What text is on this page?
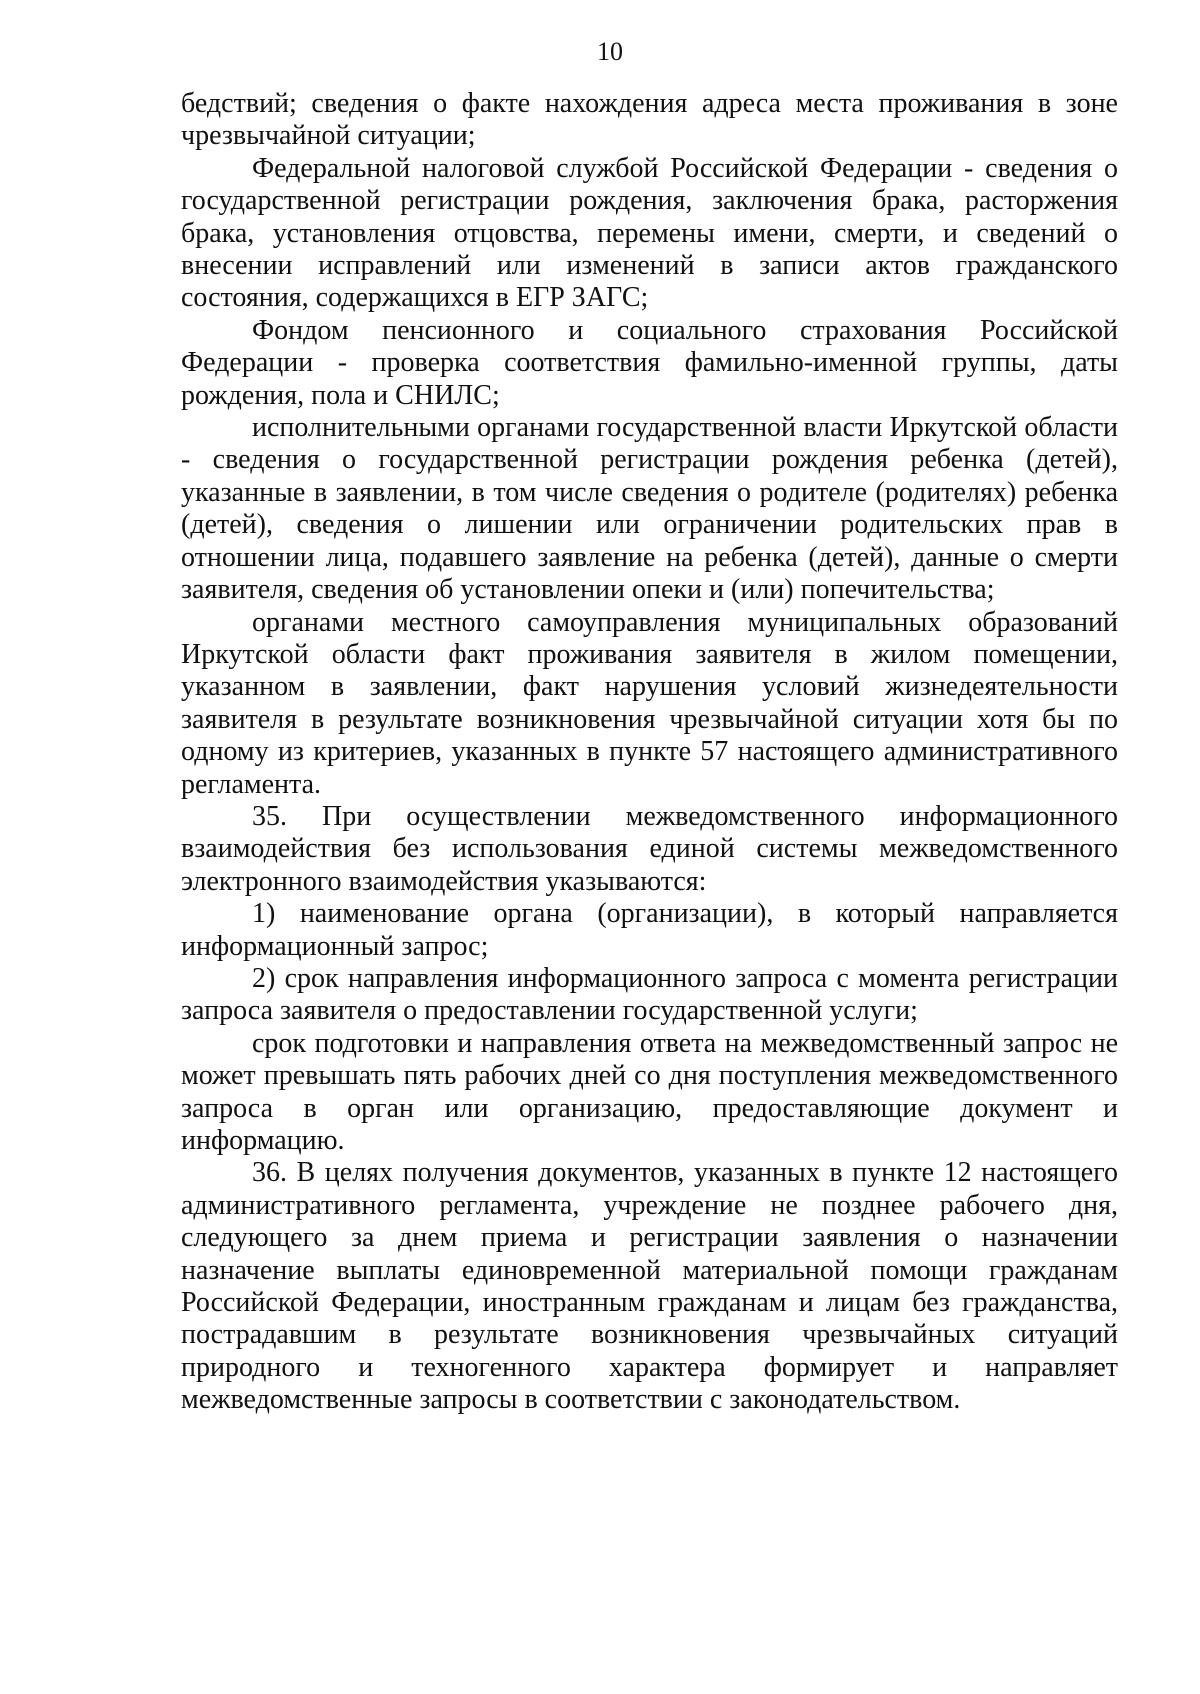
10

бедствий; сведения о факте нахождения адреса места проживания в зоне чрезвычайной ситуации;

Федеральной налоговой службой Российской Федерации - сведения о государственной регистрации рождения, заключения брака, расторжения брака, установления отцовства, перемены имени, смерти, и сведений о внесении исправлений или изменений в записи актов гражданского состояния, содержащихся в ЕГР ЗАГС;

Фондом пенсионного и социального страхования Российской Федерации - проверка соответствия фамильно-именной группы, даты рождения, пола и СНИЛС;

исполнительными органами государственной власти Иркутской области - сведения о государственной регистрации рождения ребенка (детей), указанные в заявлении, в том числе сведения о родителе (родителях) ребенка (детей), сведения о лишении или ограничении родительских прав в отношении лица, подавшего заявление на ребенка (детей), данные о смерти заявителя, сведения об установлении опеки и (или) попечительства;

органами местного самоуправления муниципальных образований Иркутской области факт проживания заявителя в жилом помещении, указанном в заявлении, факт нарушения условий жизнедеятельности заявителя в результате возникновения чрезвычайной ситуации хотя бы по одному из критериев, указанных в пункте 57 настоящего административного регламента.

35. При осуществлении межведомственного информационного взаимодействия без использования единой системы межведомственного электронного взаимодействия указываются:

1) наименование органа (организации), в который направляется информационный запрос;

2) срок направления информационного запроса с момента регистрации запроса заявителя о предоставлении государственной услуги;

срок подготовки и направления ответа на межведомственный запрос не может превышать пять рабочих дней со дня поступления межведомственного запроса в орган или организацию, предоставляющие документ и информацию.

36. В целях получения документов, указанных в пункте 12 настоящего административного регламента, учреждение не позднее рабочего дня, следующего за днем приема и регистрации заявления о назначении назначение выплаты единовременной материальной помощи гражданам Российской Федерации, иностранным гражданам и лицам без гражданства, пострадавшим в результате возникновения чрезвычайных ситуаций природного и техногенного характера формирует и направляет межведомственные запросы в соответствии с законодательством.
